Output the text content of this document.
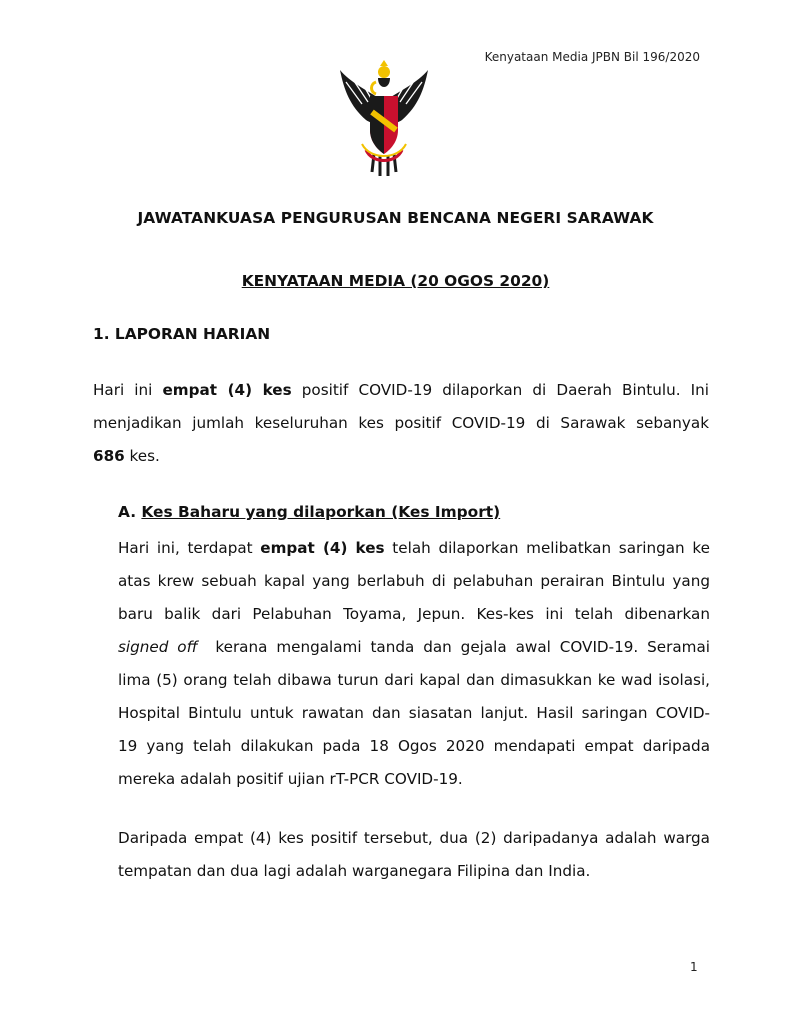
Kenyataan Media JPBN Bil 196/2020
JAWATANKUASA PENGURUSAN BENCANA NEGERI SARAWAK
KENYATAAN MEDIA (20 OGOS 2020)
1. LAPORAN HARIAN

Hari ini empat (4) kes positif COVID-19 dilaporkan di Daerah Bintulu. Ini
menjadikan jumlah keseluruhan kes positif COVID-19 di Sarawak sebanyak
686 kes.

A. Kes Baharu yang dilaporkan (Kes Import)

Hari ini, terdapat empat (4) kes telah dilaporkan melibatkan saringan ke
atas krew sebuah kapal yang berlabuh di pelabuhan perairan Bintulu yang
baru balik dari Pelabuhan Toyama, Jepun. Kes-kes ini telah dibenarkan
signed off  kerana mengalami tanda dan gejala awal COVID-19. Seramai
lima (5) orang telah dibawa turun dari kapal dan dimasukkan ke wad isolasi,
Hospital Bintulu untuk rawatan dan siasatan lanjut. Hasil saringan COVID-
19 yang telah dilakukan pada 18 Ogos 2020 mendapati empat daripada
mereka adalah positif ujian rT-PCR COVID-19.

Daripada empat (4) kes positif tersebut, dua (2) daripadanya adalah warga
tempatan dan dua lagi adalah warganegara Filipina dan India.

1
